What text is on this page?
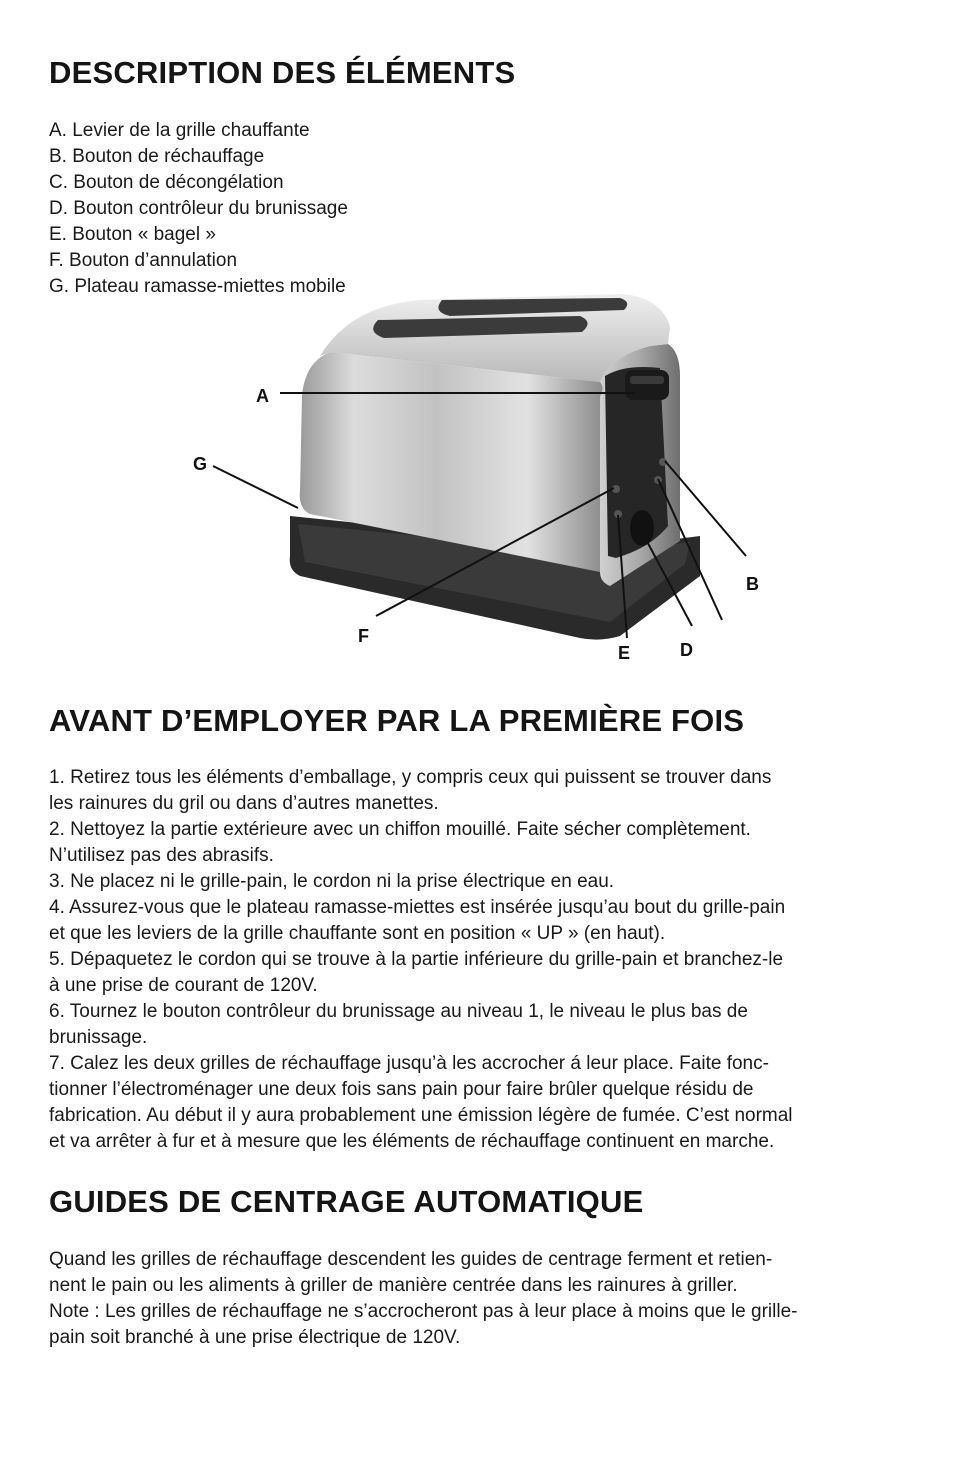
DESCRIPTION DES ÉLÉMENTS
A. Levier de la grille chauffante
B. Bouton de réchauffage
C. Bouton de décongélation
D. Bouton contrôleur du brunissage
E. Bouton « bagel »
F. Bouton d’annulation
G. Plateau ramasse-miettes mobile
A
G
F
E	D
B
AVANT D’EMPLOYER PAR LA PREMIÈRE FOIS

1. Retirez tous les éléments d’emballage, y compris ceux qui puissent se trouver dans

les rainures du gril ou dans d’autres manettes.

2. Nettoyez la partie extérieure avec un chiffon mouillé. Faite sécher complètement.

N’utilisez pas des abrasifs.

3. Ne placez ni le grille-pain, le cordon ni la prise électrique en eau.

4. Assurez-vous que le plateau ramasse-miettes est insérée jusqu’au bout du grille-pain

et que les leviers de la grille chauffante sont en position « UP » (en haut).

5. Dépaquetez le cordon qui se trouve à la partie inférieure du grille-pain et branchez-le

à une prise de courant de 120V.

6. Tournez le bouton contrôleur du brunissage au niveau 1, le niveau le plus bas de

brunissage.

7. Calez les deux grilles de réchauffage jusqu’à les accrocher á leur place. Faite fonc-

tionner l’électroménager une deux fois sans pain pour faire brûler quelque résidu de

fabrication. Au début il y aura probablement une émission légère de fumée. C’est normal

et va arrêter à fur et à mesure que les éléments de réchauffage continuent en marche.

GUIDES DE CENTRAGE AUTOMATIQUE

Quand les grilles de réchauffage descendent les guides de centrage ferment et retien-

nent le pain ou les aliments à griller de manière centrée dans les rainures à griller.

Note : Les grilles de réchauffage ne s’accrocheront pas à leur place à moins que le grille-

pain soit branché à une prise électrique de 120V.
